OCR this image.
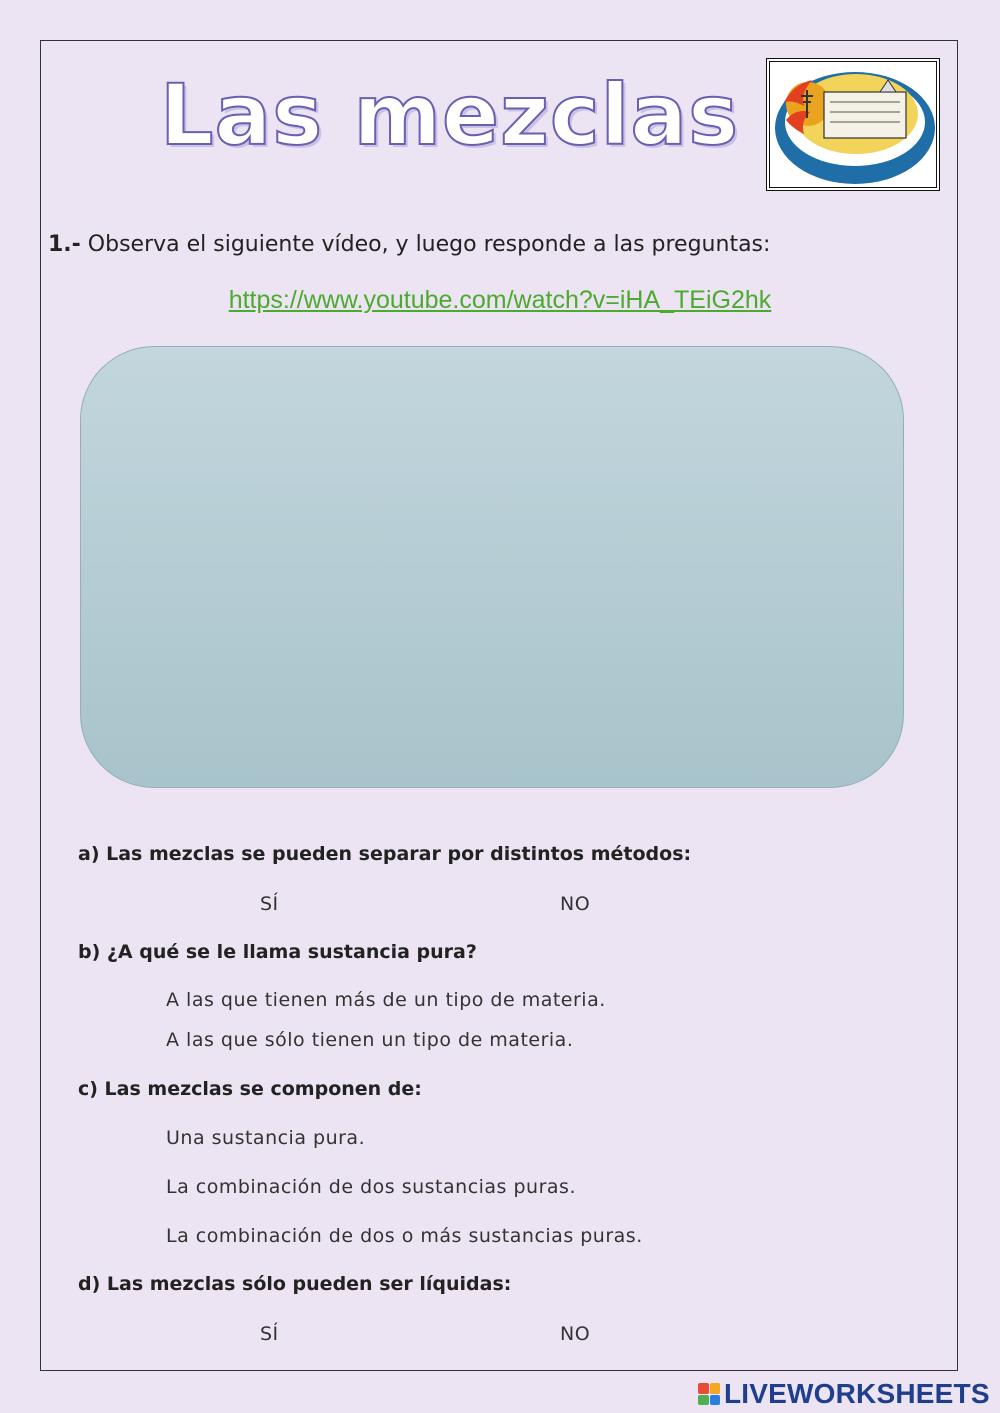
Las mezclas
1.- Observa el siguiente vídeo, y luego responde a las preguntas:
https://www.youtube.com/watch?v=iHA_TEiG2hk
a) Las mezclas se pueden separar por distintos métodos:
SÍ	NO
b) ¿A qué se le llama sustancia pura?
A las que tienen más de un tipo de materia.
A las que sólo tienen un tipo de materia.
c) Las mezclas se componen de:
Una sustancia pura.
La combinación de dos sustancias puras.
La combinación de dos o más sustancias puras.
d) Las mezclas sólo pueden ser líquidas:
SÍ	NO
LIVEWORKSHEETS
